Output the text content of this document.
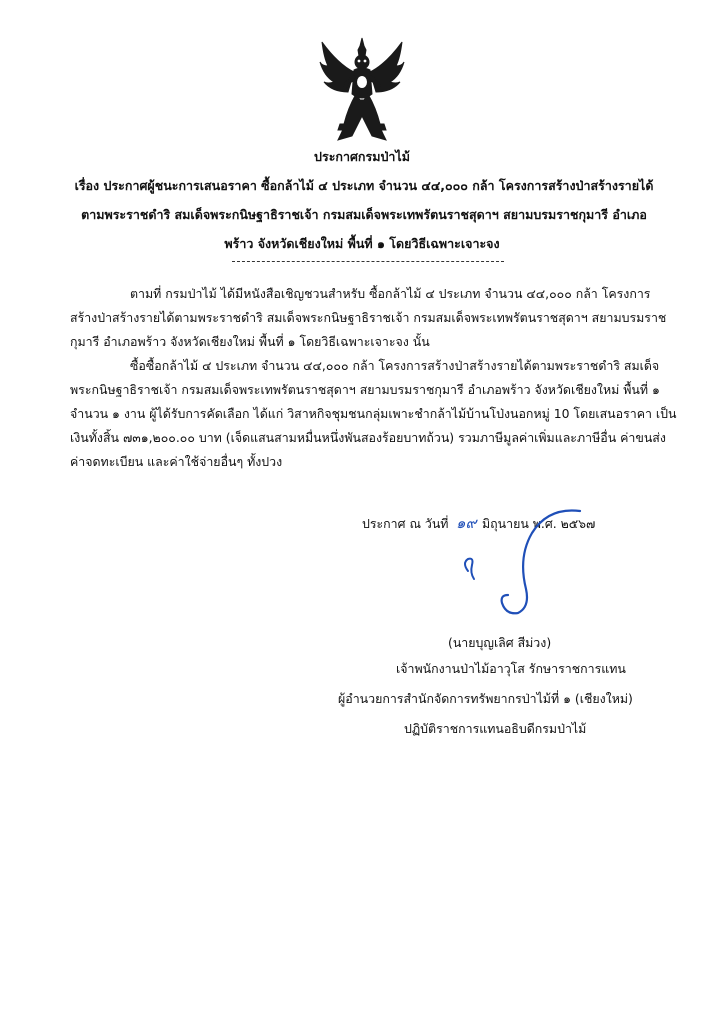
ประกาศกรมป่าไม้
เรื่อง ประกาศผู้ชนะการเสนอราคา ซื้อกล้าไม้ ๔ ประเภท จำนวน ๔๔,๐๐๐ กล้า โครงการสร้างป่าสร้างรายได้
ตามพระราชดำริ สมเด็จพระกนิษฐาธิราชเจ้า กรมสมเด็จพระเทพรัตนราชสุดาฯ สยามบรมราชกุมารี อำเภอ
พร้าว จังหวัดเชียงใหม่ พื้นที่ ๑ โดยวิธีเฉพาะเจาะจง
ตามที่ กรมป่าไม้ ได้มีหนังสือเชิญชวนสำหรับ ซื้อกล้าไม้ ๔ ประเภท จำนวน ๔๔,๐๐๐ กล้า โครงการ
สร้างป่าสร้างรายได้ตามพระราชดำริ สมเด็จพระกนิษฐาธิราชเจ้า กรมสมเด็จพระเทพรัตนราชสุดาฯ สยามบรมราช
กุมารี อำเภอพร้าว จังหวัดเชียงใหม่ พื้นที่ ๑ โดยวิธีเฉพาะเจาะจง นั้น
ซื้อซื้อกล้าไม้ ๔ ประเภท จำนวน ๔๔,๐๐๐ กล้า โครงการสร้างป่าสร้างรายได้ตามพระราชดำริ สมเด็จ
พระกนิษฐาธิราชเจ้า กรมสมเด็จพระเทพรัตนราชสุดาฯ สยามบรมราชกุมารี อำเภอพร้าว จังหวัดเชียงใหม่ พื้นที่ ๑
จำนวน ๑ งาน ผู้ได้รับการคัดเลือก ได้แก่ วิสาหกิจชุมชนกลุ่มเพาะชำกล้าไม้บ้านโป่งนอกหมู่ 10 โดยเสนอราคา เป็น
เงินทั้งสิ้น ๗๓๑,๒๐๐.๐๐ บาท (เจ็ดแสนสามหมื่นหนึ่งพันสองร้อยบาทถ้วน) รวมภาษีมูลค่าเพิ่มและภาษีอื่น ค่าขนส่ง
ค่าจดทะเบียน และค่าใช้จ่ายอื่นๆ ทั้งปวง
ประกาศ ณ วันที่ ๑๙ มิถุนายน พ.ศ. ๒๕๖๗
(นายบุญเลิศ สีม่วง)
เจ้าพนักงานป่าไม้อาวุโส รักษาราชการแทน
ผู้อำนวยการสำนักจัดการทรัพยากรป่าไม้ที่ ๑ (เชียงใหม่)
ปฏิบัติราชการแทนอธิบดีกรมป่าไม้
